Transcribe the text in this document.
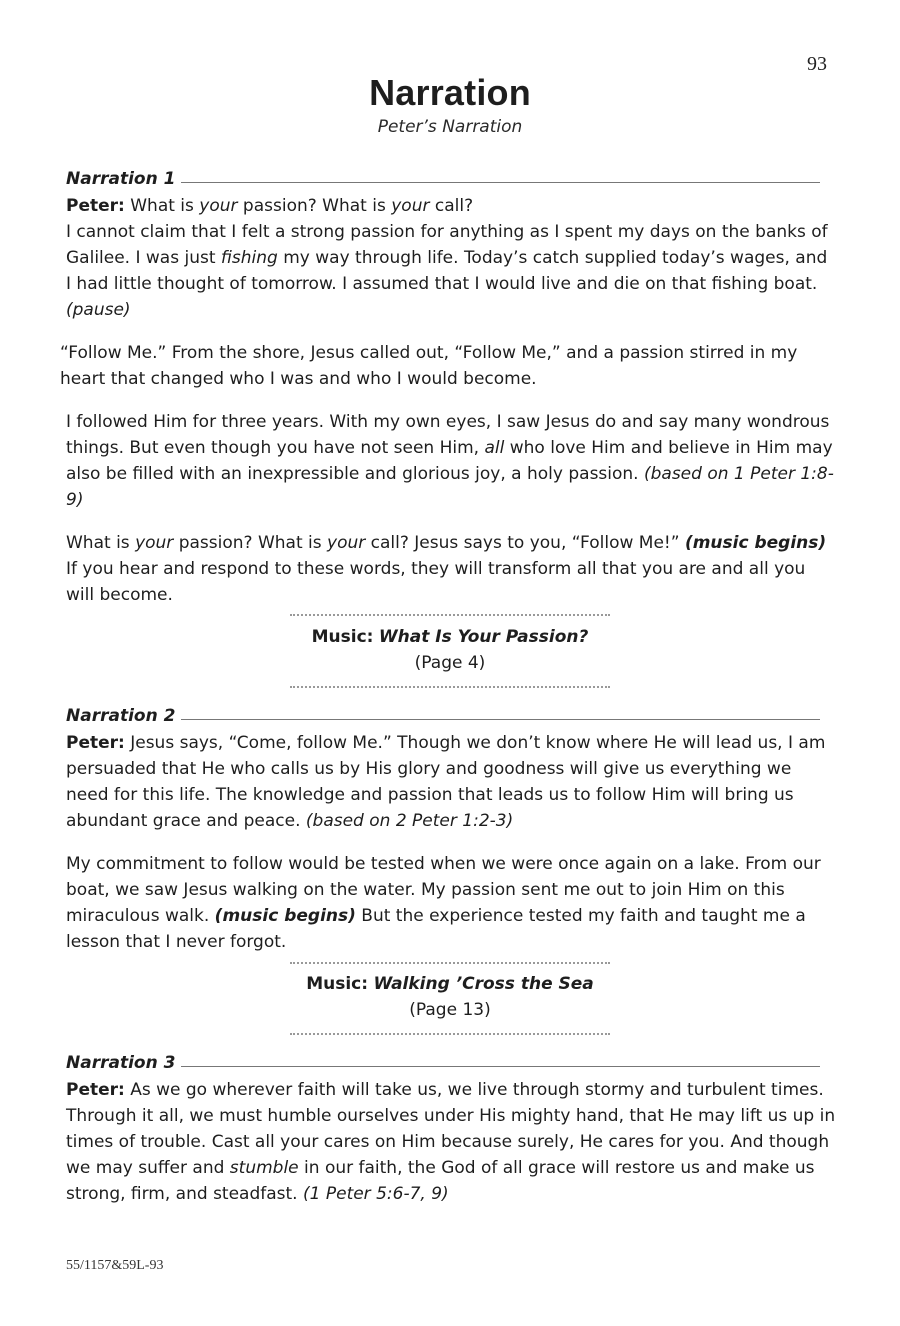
93
Narration
Peter’s Narration
Narration 1

Peter: What is your passion? What is your call?
I cannot claim that I felt a strong passion for anything as I spent my days on the banks of Galilee. I was just fishing my way through life. Today’s catch supplied today’s wages, and I had little thought of tomorrow. I assumed that I would live and die on that fishing boat. (pause)

“Follow Me.” From the shore, Jesus called out, “Follow Me,” and a passion stirred in my heart that changed who I was and who I would become.

I followed Him for three years. With my own eyes, I saw Jesus do and say many wondrous things. But even though you have not seen Him, all who love Him and believe in Him may also be filled with an inexpressible and glorious joy, a holy passion. (based on 1 Peter 1:8-9)

What is your passion? What is your call? Jesus says to you, “Follow Me!” (music begins) If you hear and respond to these words, they will transform all that you are and all you will become.

Music: What Is Your Passion?
(Page 4)
Narration 2

Peter: Jesus says, “Come, follow Me.” Though we don’t know where He will lead us, I am persuaded that He who calls us by His glory and goodness will give us everything we need for this life. The knowledge and passion that leads us to follow Him will bring us abundant grace and peace. (based on 2 Peter 1:2-3)

My commitment to follow would be tested when we were once again on a lake. From our boat, we saw Jesus walking on the water. My passion sent me out to join Him on this miraculous walk. (music begins) But the experience tested my faith and taught me a lesson that I never forgot.

Music: Walking ’Cross the Sea
(Page 13)
Narration 3

Peter: As we go wherever faith will take us, we live through stormy and turbulent times. Through it all, we must humble ourselves under His mighty hand, that He may lift us up in times of trouble. Cast all your cares on Him because surely, He cares for you. And though we may suffer and stumble in our faith, the God of all grace will restore us and make us strong, firm, and steadfast. (1 Peter 5:6-7, 9)

55/1157&59L-93
